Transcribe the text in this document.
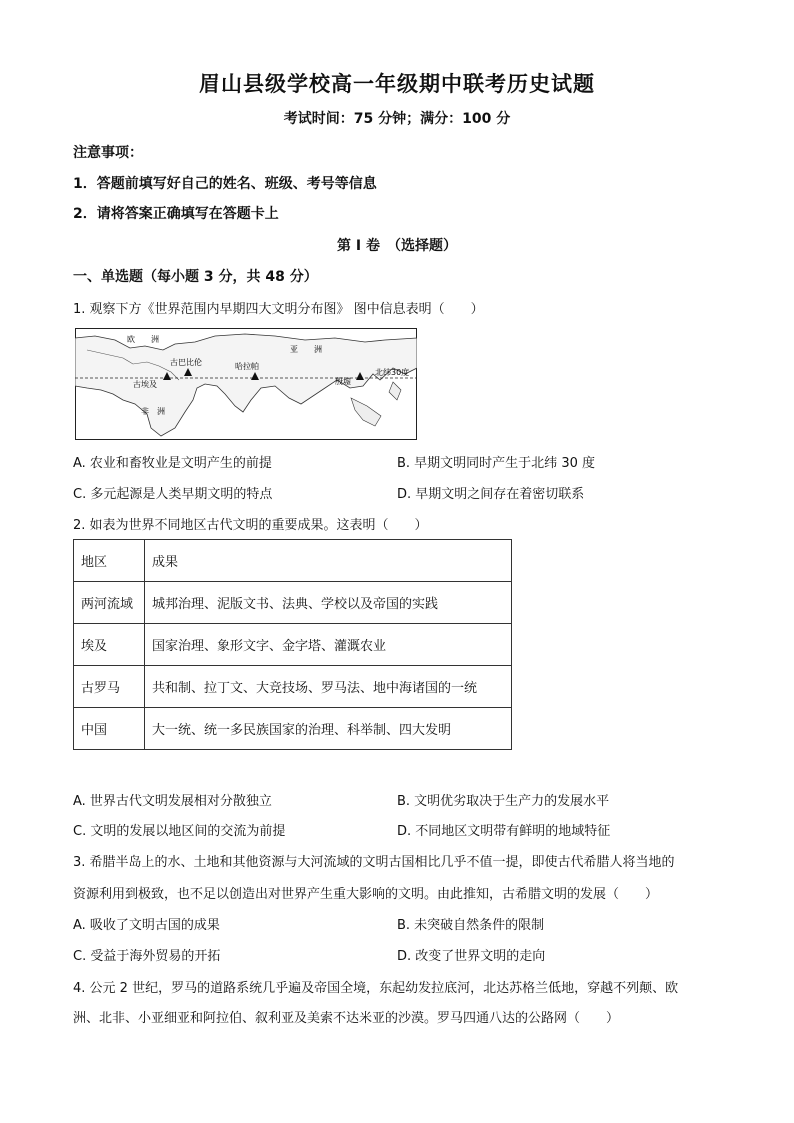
眉山县级学校高一年级期中联考历史试题
考试时间：75 分钟；满分：100 分
注意事项：
1．答题前填写好自己的姓名、班级、考号等信息
2．请将答案正确填写在答题卡上
第 I 卷　（选择题）
一、单选题（每小题 3 分，共 48 分）
1. 观察下方《世界范围内早期四大文明分布图》 图中信息表明（　　）
欧　　洲
亚　　洲
古巴比伦	哈拉帕
古埃及	殷墟
北纬30度
非　洲
A. 农业和畜牧业是文明产生的前提	B. 早期文明同时产生于北纬 30 度
C. 多元起源是人类早期文明的特点	D. 早期文明之间存在着密切联系
2. 如表为世界不同地区古代文明的重要成果。这表明（　　）
地区	成果
两河流域	城邦治理、泥版文书、法典、学校以及帝国的实践
埃及	国家治理、象形文字、金字塔、灌溉农业
古罗马	共和制、拉丁文、大竞技场、罗马法、地中海诸国的一统
中国	大一统、统一多民族国家的治理、科举制、四大发明
A. 世界古代文明发展相对分散独立	B. 文明优劣取决于生产力的发展水平
C. 文明的发展以地区间的交流为前提	D. 不同地区文明带有鲜明的地域特征
3. 希腊半岛上的水、土地和其他资源与大河流域的文明古国相比几乎不值一提，即使古代希腊人将当地的
资源利用到极致，也不足以创造出对世界产生重大影响的文明。由此推知，古希腊文明的发展（　　）
A. 吸收了文明古国的成果	B. 未突破自然条件的限制
C. 受益于海外贸易的开拓	D. 改变了世界文明的走向
4. 公元 2 世纪，罗马的道路系统几乎遍及帝国全境，东起幼发拉底河，北达苏格兰低地，穿越不列颠、欧
洲、北非、小亚细亚和阿拉伯、叙利亚及美索不达米亚的沙漠。罗马四通八达的公路网（　　）
